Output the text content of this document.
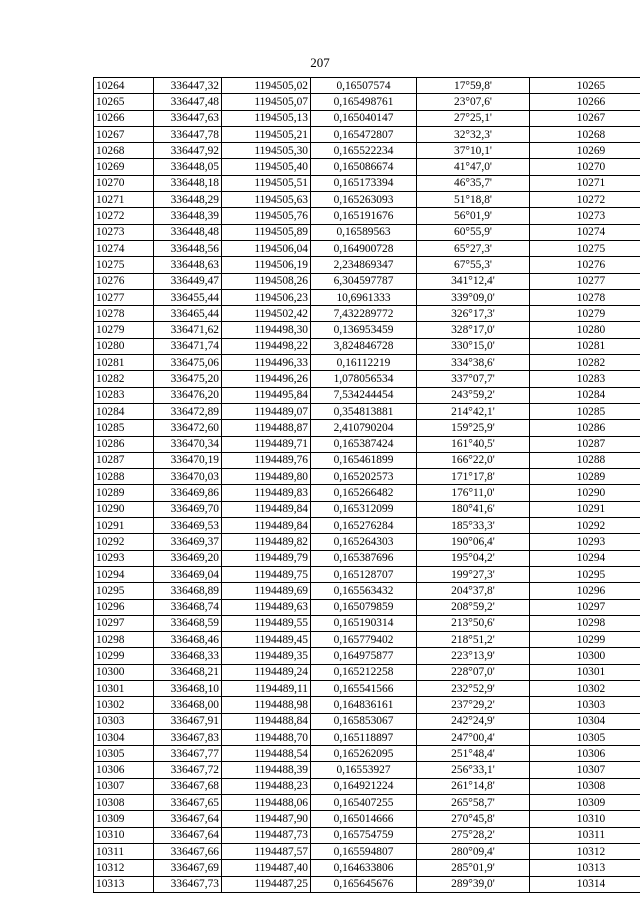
207
10264	336447,32	1194505,02	0,16507574	17°59,8'	10265
10265	336447,48	1194505,07	0,165498761	23°07,6'	10266
10266	336447,63	1194505,13	0,165040147	27°25,1'	10267
10267	336447,78	1194505,21	0,165472807	32°32,3'	10268
10268	336447,92	1194505,30	0,165522234	37°10,1'	10269
10269	336448,05	1194505,40	0,165086674	41°47,0'	10270
10270	336448,18	1194505,51	0,165173394	46°35,7'	10271
10271	336448,29	1194505,63	0,165263093	51°18,8'	10272
10272	336448,39	1194505,76	0,165191676	56°01,9'	10273
10273	336448,48	1194505,89	0,16589563	60°55,9'	10274
10274	336448,56	1194506,04	0,164900728	65°27,3'	10275
10275	336448,63	1194506,19	2,234869347	67°55,3'	10276
10276	336449,47	1194508,26	6,304597787	341°12,4'	10277
10277	336455,44	1194506,23	10,6961333	339°09,0'	10278
10278	336465,44	1194502,42	7,432289772	326°17,3'	10279
10279	336471,62	1194498,30	0,136953459	328°17,0'	10280
10280	336471,74	1194498,22	3,824846728	330°15,0'	10281
10281	336475,06	1194496,33	0,16112219	334°38,6'	10282
10282	336475,20	1194496,26	1,078056534	337°07,7'	10283
10283	336476,20	1194495,84	7,534244454	243°59,2'	10284
10284	336472,89	1194489,07	0,354813881	214°42,1'	10285
10285	336472,60	1194488,87	2,410790204	159°25,9'	10286
10286	336470,34	1194489,71	0,165387424	161°40,5'	10287
10287	336470,19	1194489,76	0,165461899	166°22,0'	10288
10288	336470,03	1194489,80	0,165202573	171°17,8'	10289
10289	336469,86	1194489,83	0,165266482	176°11,0'	10290
10290	336469,70	1194489,84	0,165312099	180°41,6'	10291
10291	336469,53	1194489,84	0,165276284	185°33,3'	10292
10292	336469,37	1194489,82	0,165264303	190°06,4'	10293
10293	336469,20	1194489,79	0,165387696	195°04,2'	10294
10294	336469,04	1194489,75	0,165128707	199°27,3'	10295
10295	336468,89	1194489,69	0,165563432	204°37,8'	10296
10296	336468,74	1194489,63	0,165079859	208°59,2'	10297
10297	336468,59	1194489,55	0,165190314	213°50,6'	10298
10298	336468,46	1194489,45	0,165779402	218°51,2'	10299
10299	336468,33	1194489,35	0,164975877	223°13,9'	10300
10300	336468,21	1194489,24	0,165212258	228°07,0'	10301
10301	336468,10	1194489,11	0,165541566	232°52,9'	10302
10302	336468,00	1194488,98	0,164836161	237°29,2'	10303
10303	336467,91	1194488,84	0,165853067	242°24,9'	10304
10304	336467,83	1194488,70	0,165118897	247°00,4'	10305
10305	336467,77	1194488,54	0,165262095	251°48,4'	10306
10306	336467,72	1194488,39	0,16553927	256°33,1'	10307
10307	336467,68	1194488,23	0,164921224	261°14,8'	10308
10308	336467,65	1194488,06	0,165407255	265°58,7'	10309
10309	336467,64	1194487,90	0,165014666	270°45,8'	10310
10310	336467,64	1194487,73	0,165754759	275°28,2'	10311
10311	336467,66	1194487,57	0,165594807	280°09,4'	10312
10312	336467,69	1194487,40	0,164633806	285°01,9'	10313
10313	336467,73	1194487,25	0,165645676	289°39,0'	10314
